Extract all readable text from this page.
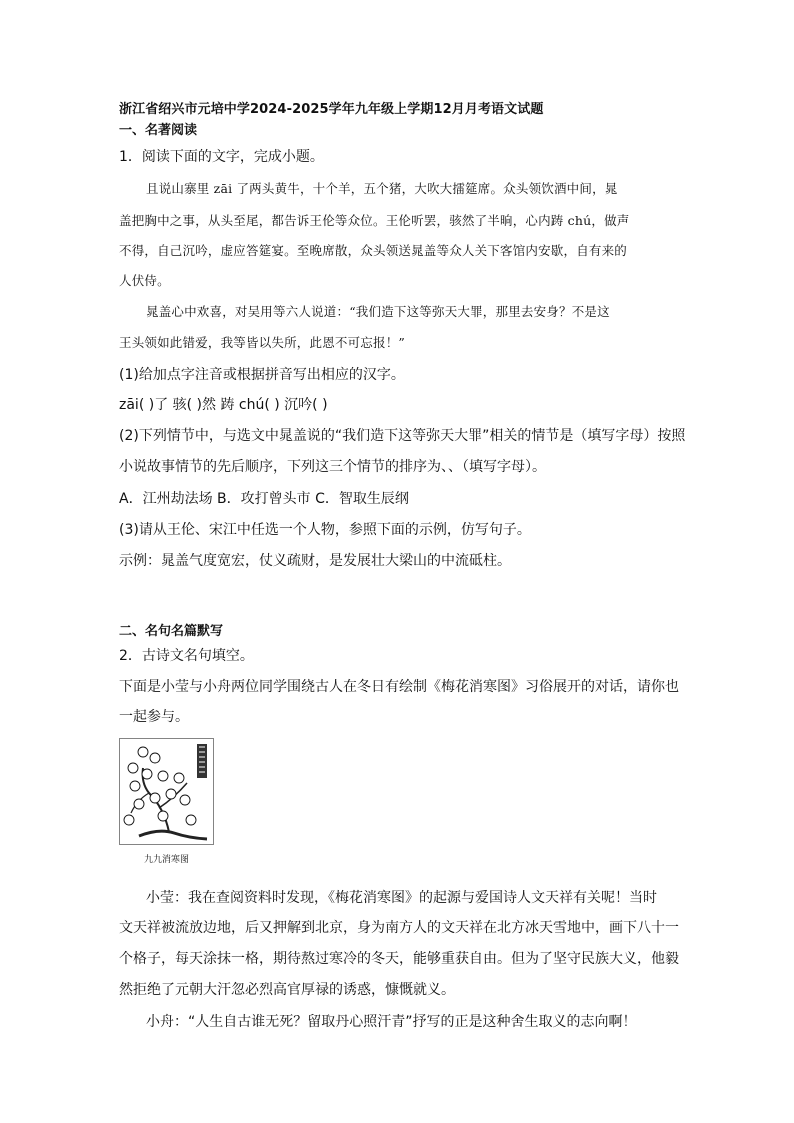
浙江省绍兴市元培中学2024-2025学年九年级上学期12月月考语文试题
一、名著阅读
1．阅读下面的文字，完成小题。
且说山寨里 zāi 了两头黄牛，十个羊，五个猪，大吹大擂筵席。众头领饮酒中间，晁
盖把胸中之事，从头至尾，都告诉王伦等众位。王伦听罢，骇然了半晌，心内踌 chú，做声
不得，自己沉吟，虚应答筵宴。至晚席散，众头领送晁盖等众人关下客馆内安歇，自有来的
人伏侍。
晁盖心中欢喜，对吴用等六人说道：“我们造下这等弥天大罪，那里去安身？不是这
王头领如此错爱，我等皆以失所，此恩不可忘报！”
(1)给加点字注音或根据拼音写出相应的汉字。
zāi( )了 骇( )然 踌 chú( ) 沉吟( )
(2)下列情节中，与选文中晁盖说的“我们造下这等弥天大罪”相关的情节是（填写字母）按照
小说故事情节的先后顺序，下列这三个情节的排序为、、（填写字母）。
A．江州劫法场 B．攻打曾头市 C．智取生辰纲
(3)请从王伦、宋江中任选一个人物，参照下面的示例，仿写句子。
示例：晁盖气度宽宏，仗义疏财，是发展壮大梁山的中流砥柱。
二、名句名篇默写
2．古诗文名句填空。
下面是小莹与小舟两位同学围绕古人在冬日有绘制《梅花消寒图》习俗展开的对话，请你也
一起参与。
九九消寒图
小莹：我在查阅资料时发现，《梅花消寒图》的起源与爱国诗人文天祥有关呢！当时
文天祥被流放边地，后又押解到北京，身为南方人的文天祥在北方冰天雪地中，画下八十一
个格子，每天涂抹一格，期待熬过寒冷的冬天，能够重获自由。但为了坚守民族大义，他毅
然拒绝了元朝大汗忽必烈高官厚禄的诱惑，慷慨就义。
小舟：“人生自古谁无死？留取丹心照汗青”抒写的正是这种舍生取义的志向啊！
